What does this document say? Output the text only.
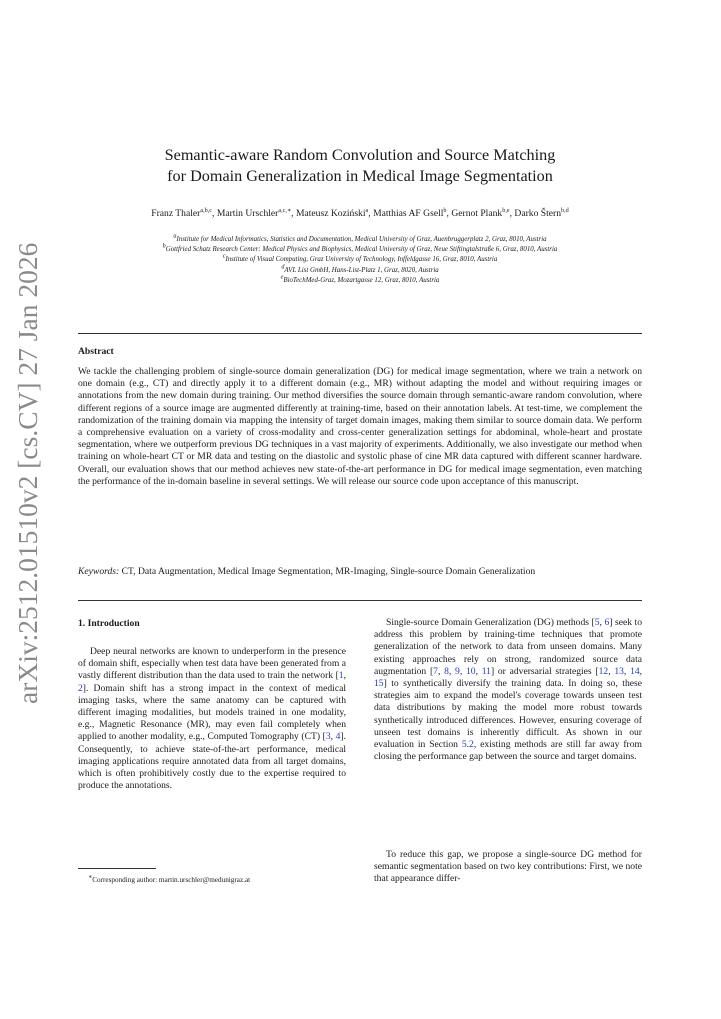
arXiv:2512.01510v2 [cs.CV] 27 Jan 2026
Semantic-aware Random Convolution and Source Matching
for Domain Generalization in Medical Image Segmentation
Franz Thaler$^{a,b,c}$, Martin Urschler$^{a,c,∗}$, Mateusz Koziński$^a$, Matthias AF Gsell$^b$, Gernot Plank$^{b,e}$, Darko Štern$^{b,d}$
$^a$Institute for Medical Informatics, Statistics and Documentation, Medical University of Graz, Auenbruggerplatz 2, Graz, 8010, Austria
$^b$Gottfried Schatz Research Center: Medical Physics and Biophysics, Medical University of Graz, Neue Stiftingtalstraße 6, Graz, 8010, Austria
$^c$Institute of Visual Computing, Graz University of Technology, Inffeldgasse 16, Graz, 8010, Austria
$^d$AVL List GmbH, Hans-List-Platz 1, Graz, 8020, Austria
$^e$BioTechMed-Graz, Mozartgasse 12, Graz, 8010, Austria
Abstract
We tackle the challenging problem of single-source domain generalization (DG) for medical image segmentation, where we train a network on one domain (e.g., CT) and directly apply it to a different domain (e.g., MR) without adapting the model and without requiring images or annotations from the new domain during training. Our method diversifies the source domain through semantic-aware random convolution, where different regions of a source image are augmented differently at training-time, based on their annotation labels. At test-time, we complement the randomization of the training domain via mapping the intensity of target domain images, making them similar to source domain data. We perform a comprehensive evaluation on a variety of cross-modality and cross-center generalization settings for abdominal, whole-heart and prostate segmentation, where we outperform previous DG techniques in a vast majority of experiments. Additionally, we also investigate our method when training on whole-heart CT or MR data and testing on the diastolic and systolic phase of cine MR data captured with different scanner hardware. Overall, our evaluation shows that our method achieves new state-of-the-art performance in DG for medical image segmentation, even matching the performance of the in-domain baseline in several settings. We will release our source code upon acceptance of this manuscript.
Keywords: CT, Data Augmentation, Medical Image Segmentation, MR-Imaging, Single-source Domain Generalization
1. Introduction

Deep neural networks are known to underperform in the presence of domain shift, especially when test data have been generated from a vastly different distribution than the data used to train the network [1, 2]. Domain shift has a strong impact in the context of medical imaging tasks, where the same anatomy can be captured with different imaging modalities, but models trained in one modality, e.g., Magnetic Resonance (MR), may even fail completely when applied to another modality, e.g., Computed Tomography (CT) [3, 4]. Consequently, to achieve state-of-the-art performance, medical imaging applications require annotated data from all target domains, which is often prohibitively costly due to the expertise required to produce the annotations.

Single-source Domain Generalization (DG) methods [5, 6] seek to address this problem by training-time techniques that promote generalization of the network to data from unseen domains. Many existing approaches rely on strong, randomized source data augmentation [7, 8, 9, 10, 11] or adversarial strategies [12, 13, 14, 15] to synthetically diversify the training data. In doing so, these strategies aim to expand the model's coverage towards unseen test data distributions by making the model more robust towards synthetically introduced differences. However, ensuring coverage of unseen test domains is inherently difficult. As shown in our evaluation in Section 5.2, existing methods are still far away from closing the performance gap between the source and target domains.

To reduce this gap, we propose a single-source DG method for semantic segmentation based on two key contributions: First, we note that appearance differ-

∗Corresponding author: martin.urschler@medunigraz.at
